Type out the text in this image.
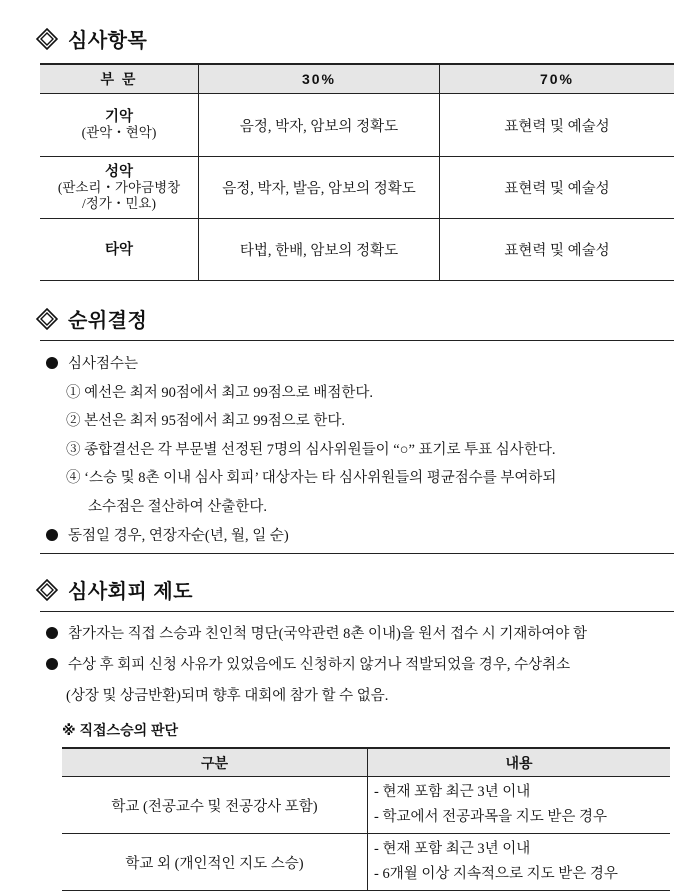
심사항목
부 문	30%	70%

기악
(관악・현악)	음정, 박자, 암보의 정확도	표현력 및 예술성

성악
(판소리・가야금병창
/정가・민요)	음정, 박자, 발음, 암보의 정확도	표현력 및 예술성

타악	타법, 한배, 암보의 정확도	표현력 및 예술성
순위결정
심사점수는
① 예선은 최저 90점에서 최고 99점으로 배점한다.
② 본선은 최저 95점에서 최고 99점으로 한다.
③ 종합결선은 각 부문별 선정된 7명의 심사위원들이 “○” 표기로 투표 심사한다.
④ ‘스승 및 8촌 이내 심사 회피’ 대상자는 타 심사위원들의 평균점수를 부여하되
소수점은 절산하여 산출한다.
동점일 경우, 연장자순(년, 월, 일 순)
심사회피 제도
참가자는 직접 스승과 친인척 명단(국악관련 8촌 이내)을 원서 접수 시 기재하여야 함
수상 후 회피 신청 사유가 있었음에도 신청하지 않거나 적발되었을 경우, 수상취소
(상장 및 상금반환)되며 향후 대회에 참가 할 수 없음.
※ 직접스승의 판단
구분	내용
학교 (전공교수 및 전공강사 포함)	- 현재 포함 최근 3년 이내
- 학교에서 전공과목을 지도 받은 경우

학교 외 (개인적인 지도 스승)	- 현재 포함 최근 3년 이내
- 6개월 이상 지속적으로 지도 받은 경우
